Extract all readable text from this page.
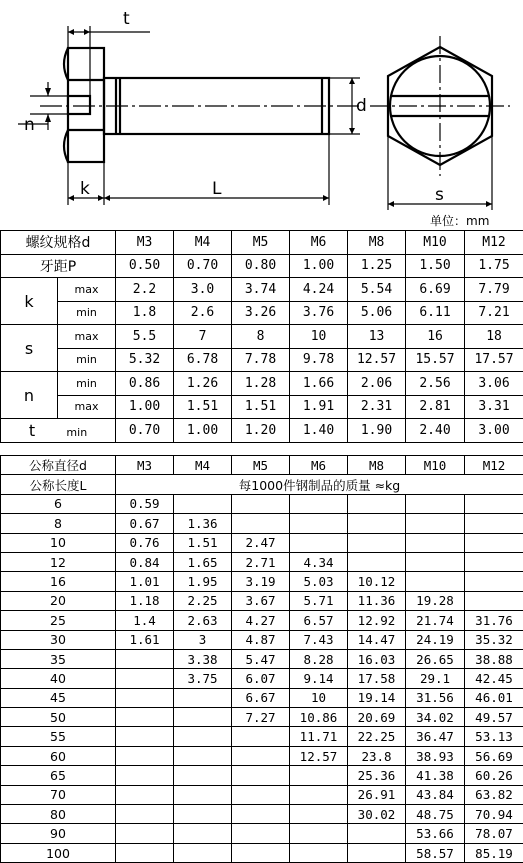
t
n
k	L
d
s
单位：mm
螺纹规格d		M3	M4	M5	M6	M8	M10	M12
牙距P		0.50	0.70	0.80	1.00	1.25	1.50	1.75
k	max	2.2	3.0	3.74	4.24	5.54	6.69	7.79
	min	1.8	2.6	3.26	3.76	5.06	6.11	7.21
s	max	5.5	7	8	10	13	16	18
	min	5.32	6.78	7.78	9.78	12.57	15.57	17.57
n	min	0.86	1.26	1.28	1.66	2.06	2.56	3.06
	max	1.00	1.51	1.51	1.91	2.31	2.81	3.31
t min		0.70	1.00	1.20	1.40	1.90	2.40	3.00
公称直径d	M3	M4	M5	M6	M8	M10	M12
公称长度L	每1000件钢制品的质量 ≈kg						
6	0.59						
8	0.67	1.36					
10	0.76	1.51	2.47				
12	0.84	1.65	2.71	4.34			
16	1.01	1.95	3.19	5.03	10.12		
20	1.18	2.25	3.67	5.71	11.36	19.28	
25	1.4	2.63	4.27	6.57	12.92	21.74	31.76
30	1.61	3	4.87	7.43	14.47	24.19	35.32
35		3.38	5.47	8.28	16.03	26.65	38.88
40		3.75	6.07	9.14	17.58	29.1	42.45
45			6.67	10	19.14	31.56	46.01
50			7.27	10.86	20.69	34.02	49.57
55				11.71	22.25	36.47	53.13
60				12.57	23.8	38.93	56.69
65					25.36	41.38	60.26
70					26.91	43.84	63.82
80					30.02	48.75	70.94
90						53.66	78.07
100						58.57	85.19
